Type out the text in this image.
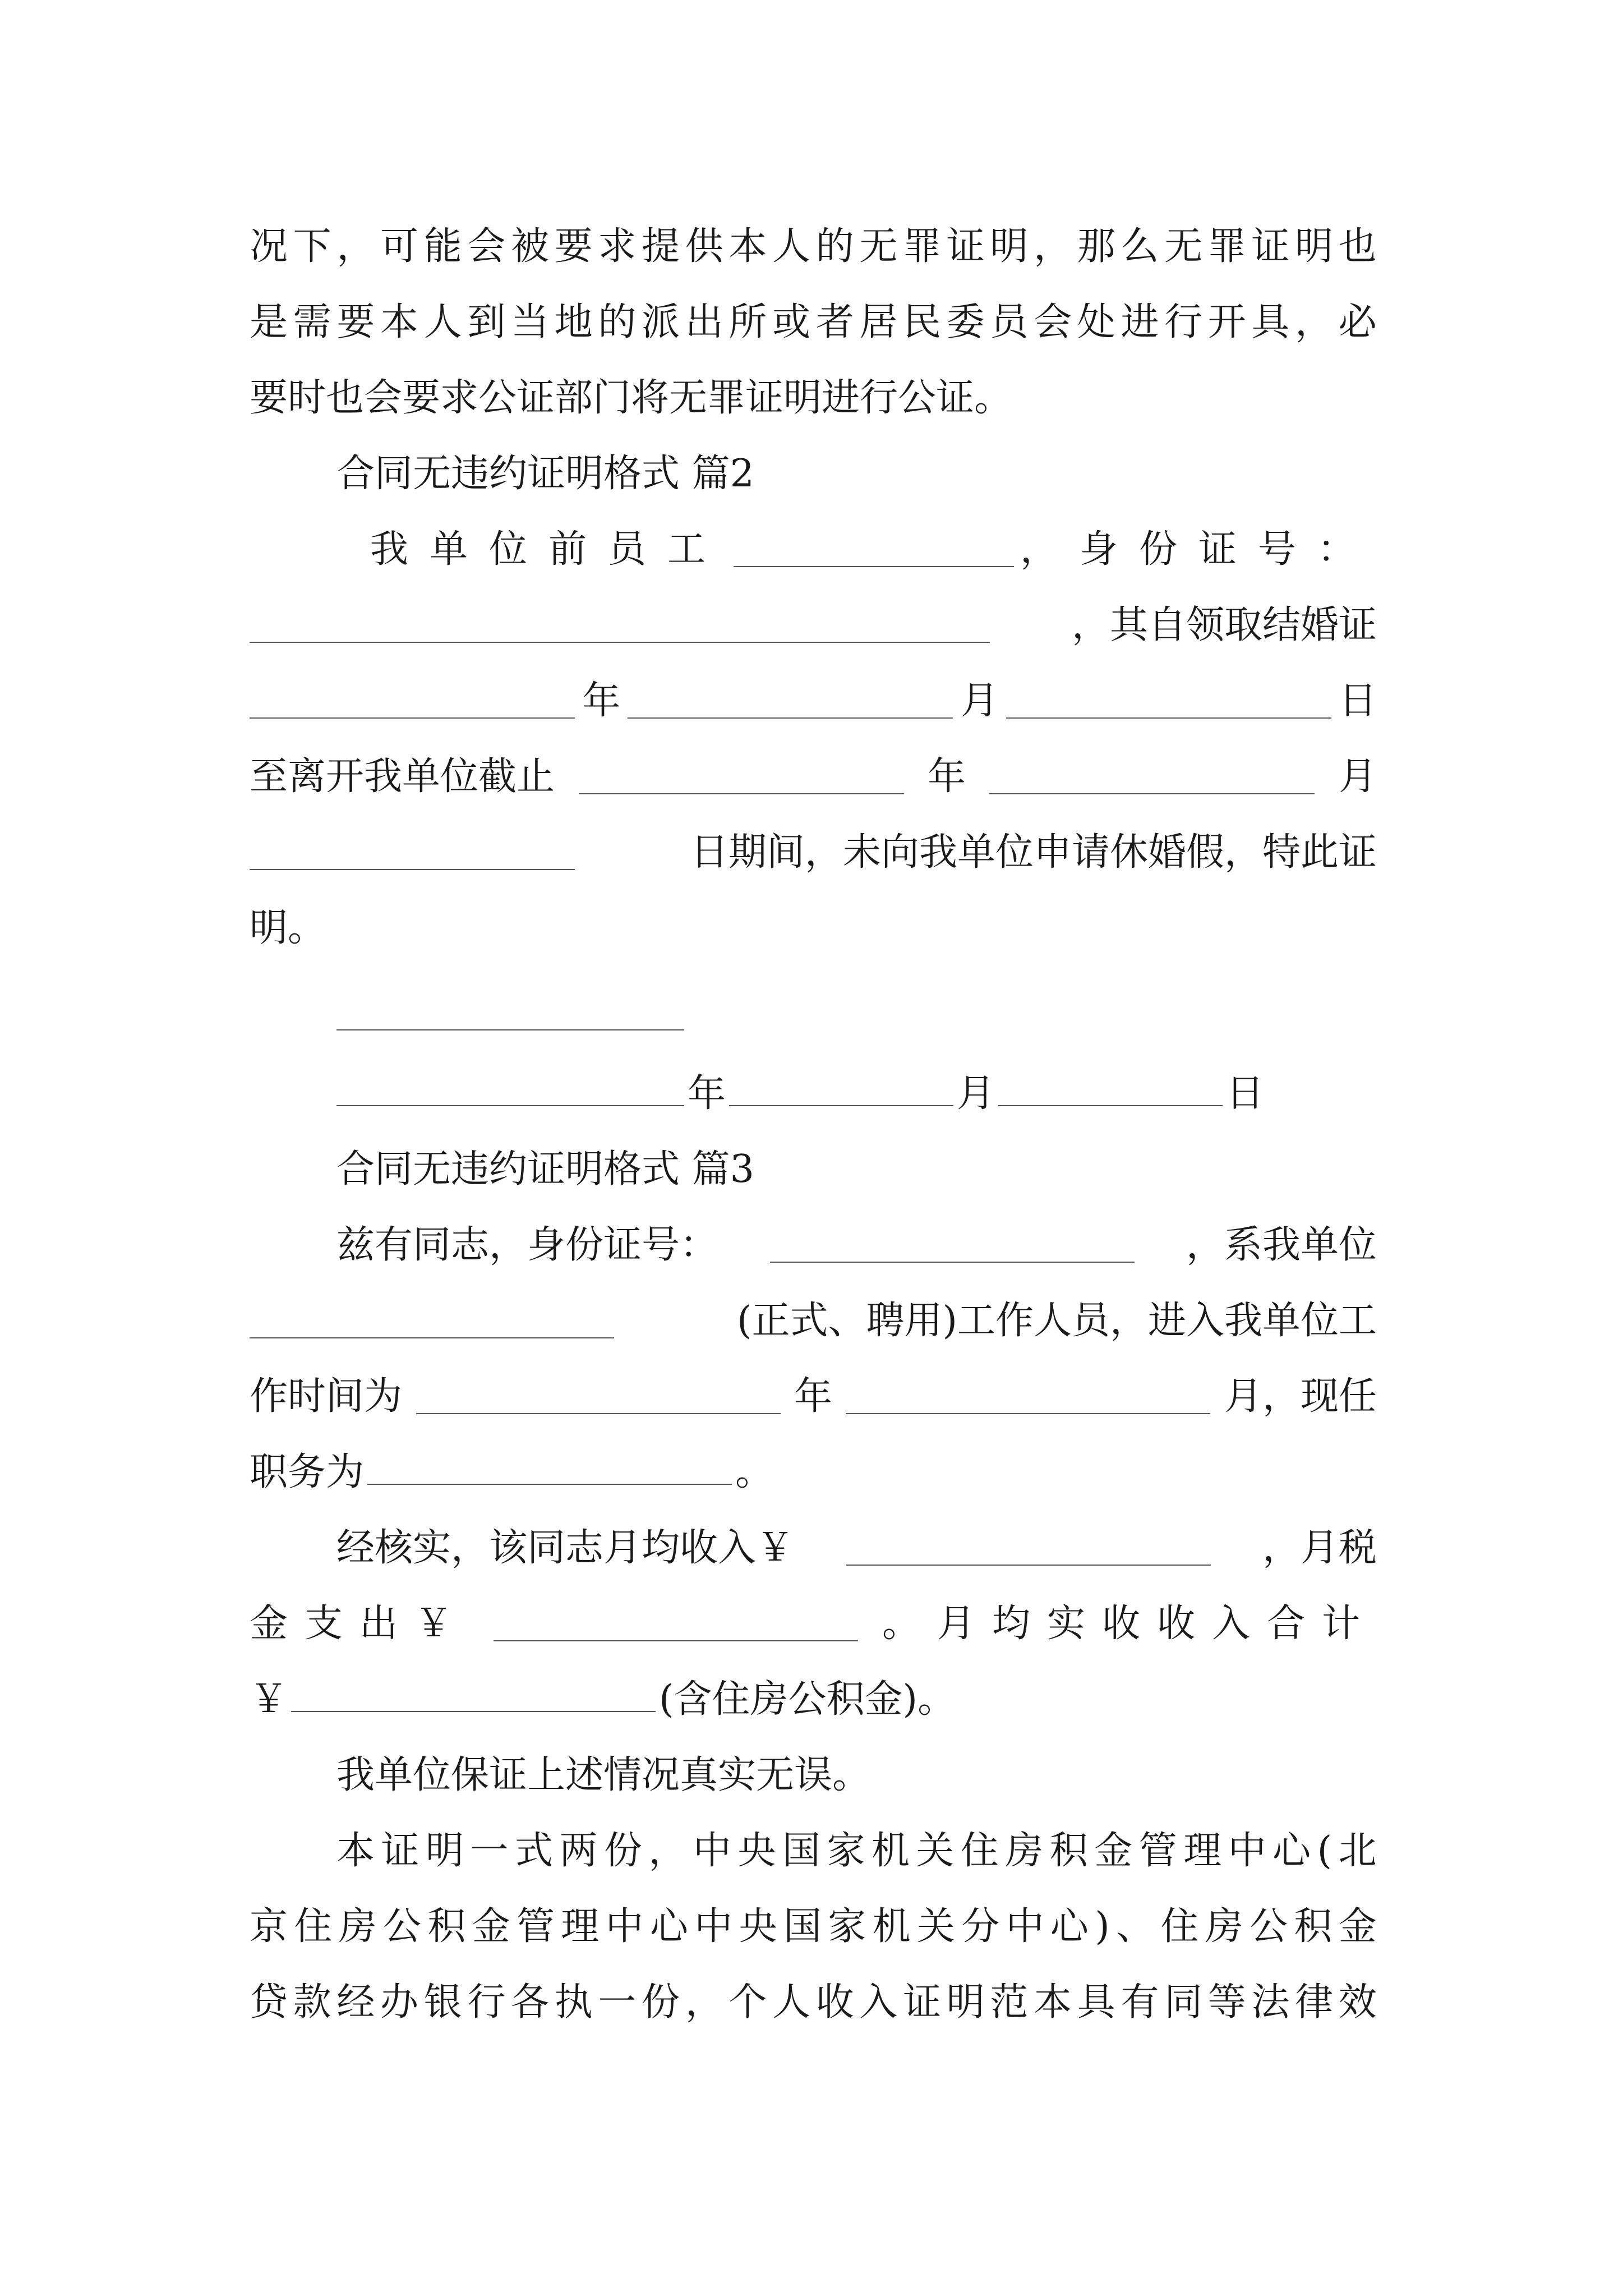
况 下 ， 可 能 会 被 要 求 提 供 本 人 的 无 罪 证 明 ， 那 么 无 罪 证 明 也
是 需 要 本 人 到 当 地 的 派 出 所 或 者 居 民 委 员 会 处 进 行 开 具 ， 必
要时也会要求公证部门将无罪证明进行公证。
合同无违约证明格式 篇2
我单位前员工	，身份证号：
，其自领取结婚证
年	月	日
至离开我单位截止	年	月
日期间，未向我单位申请休婚假，特此证
明。
年	月	日
合同无违约证明格式 篇3
兹有同志，身份证号：	，系我单位
(正式、聘用)工作人员，进入我单位工
作时间为	年	月，现任
职务为	。
经核实，该同志月均收入￥	，月税
金支出￥	。月均实收收入合计
￥	(含住房公积金)。
我单位保证上述情况真实无误。
本 证 明 一 式 两 份 ， 中 央 国 家 机 关 住 房 积 金 管 理 中 心 ( 北
京 住 房 公 积 金 管 理 中 心 中 央 国 家 机 关 分 中 心 ) 、 住 房 公 积 金
贷 款 经 办 银 行 各 执 一 份 ， 个 人 收 入 证 明 范 本 具 有 同 等 法 律 效
